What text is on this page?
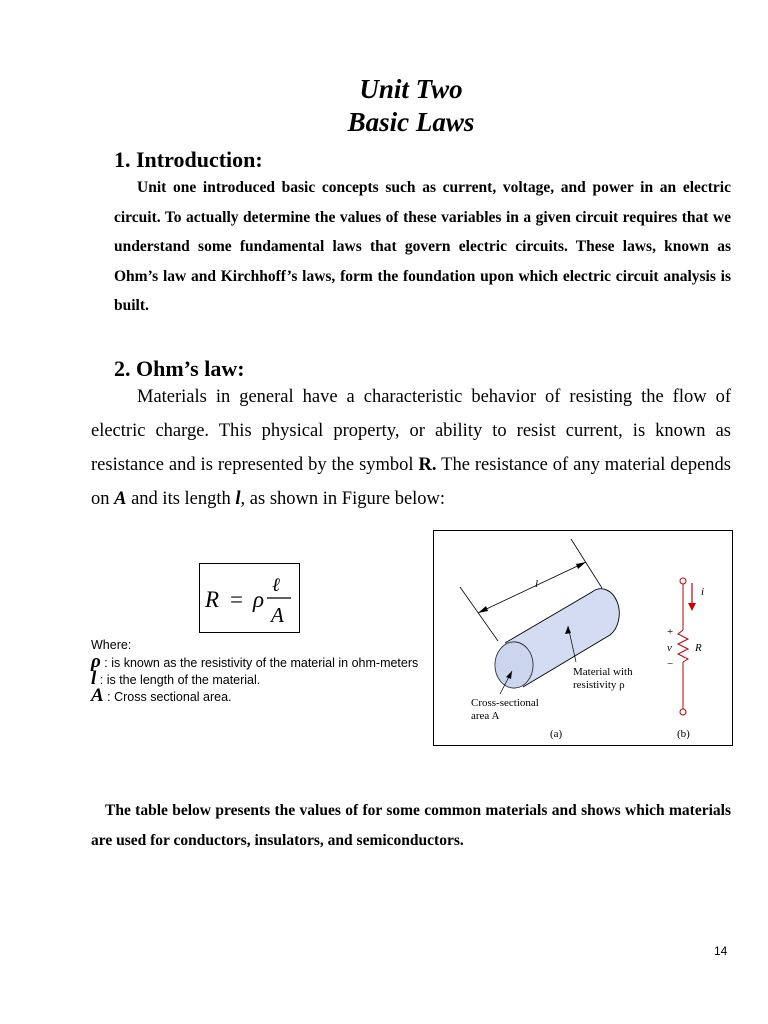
Unit Two
Basic Laws
1. Introduction:
Unit one introduced basic concepts such as current, voltage, and power in an electric circuit. To actually determine the values of these variables in a given circuit requires that we understand some fundamental laws that govern electric circuits. These laws, known as Ohm’s law and Kirchhoff’s laws, form the foundation upon which electric circuit analysis is built.
2. Ohm’s law:
Materials in general have a characteristic behavior of resisting the flow of electric charge. This physical property, or ability to resist current, is known as resistance and is represented by the symbol R. The resistance of any material depends on A and its length l, as shown in Figure below:
R = ρ
ℓ
A
Where:
ρ : is known as the resistivity of the material in ohm-meters
l : is the length of the material.
A : Cross sectional area.
l
Material with
resistivity ρ
Cross-sectional
area A
(a)
i
+
v
−
R
(b)
The table below presents the values of for some common materials and shows which materials are used for conductors, insulators, and semiconductors.
14
